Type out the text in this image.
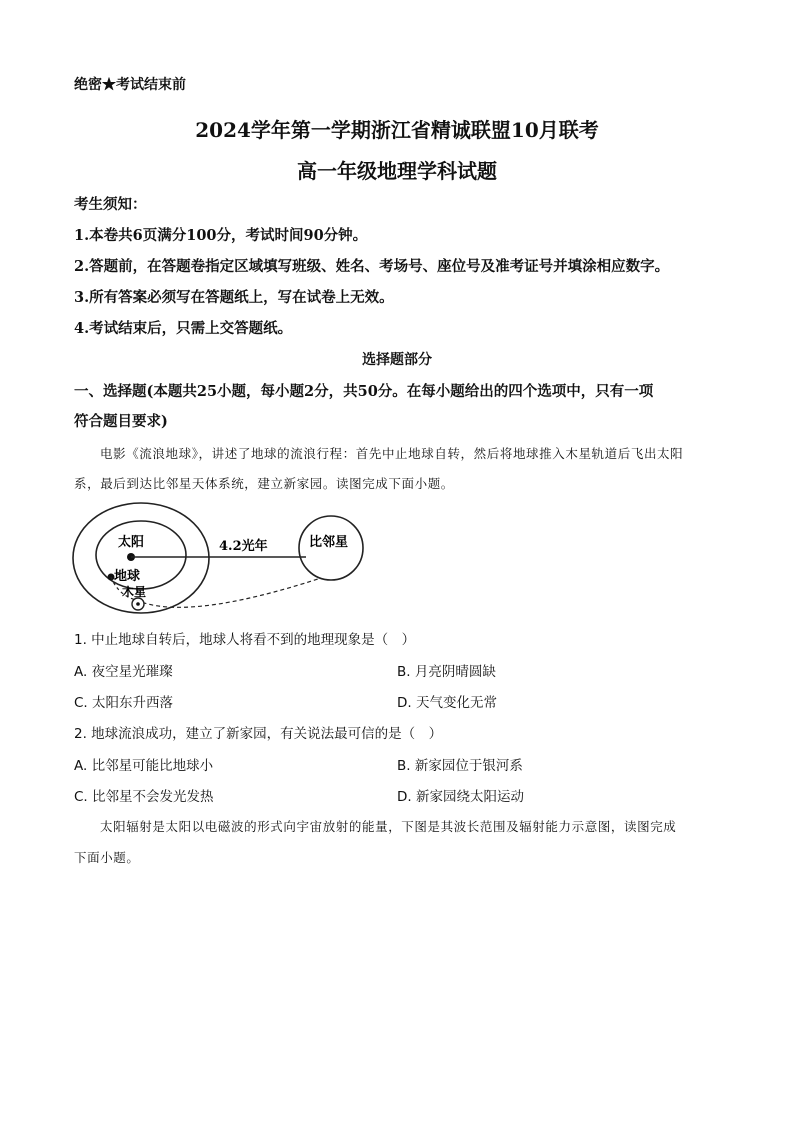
绝密★考试结束前
2024学年第一学期浙江省精诚联盟10月联考
高一年级地理学科试题
考生须知：
1.本卷共6页满分100分，考试时间90分钟。
2.答题前，在答题卷指定区域填写班级、姓名、考场号、座位号及准考证号并填涂相应数字。
3.所有答案必须写在答题纸上，写在试卷上无效。
4.考试结束后，只需上交答题纸。
选择题部分
一、选择题(本题共25小题，每小题2分，共50分。在每小题给出的四个选项中，只有一项
符合题目要求)
电影《流浪地球》，讲述了地球的流浪行程：首先中止地球自转，然后将地球推入木星轨道后飞出太阳
系，最后到达比邻星天体系统，建立新家园。读图完成下面小题。
太阳	4.2光年	比邻星
地球
木星
1. 中止地球自转后，地球人将看不到的地理现象是（　）
A. 夜空星光璀璨	B. 月亮阴晴圆缺
C. 太阳东升西落	D. 天气变化无常
2. 地球流浪成功，建立了新家园，有关说法最可信的是（　）
A. 比邻星可能比地球小	B. 新家园位于银河系
C. 比邻星不会发光发热	D. 新家园绕太阳运动
太阳辐射是太阳以电磁波的形式向宇宙放射的能量，下图是其波长范围及辐射能力示意图，读图完成
下面小题。
